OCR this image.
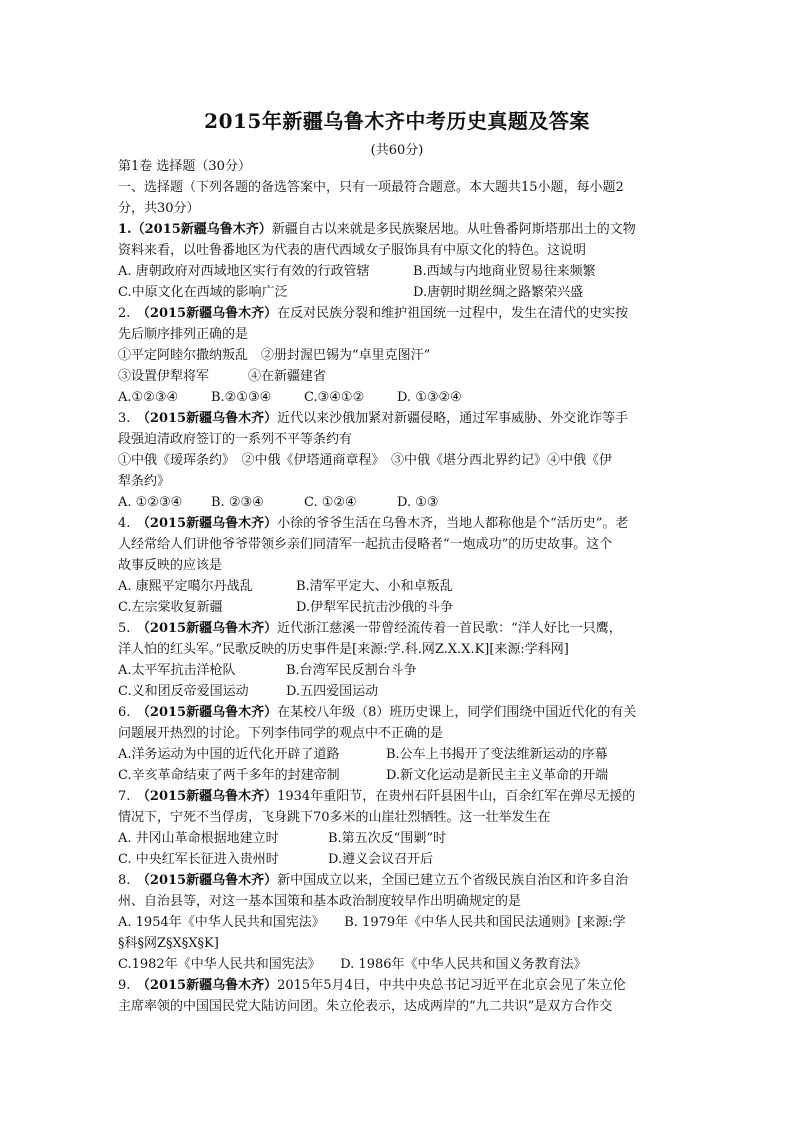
2015年新疆乌鲁木齐中考历史真题及答案
(共60分)
第1卷 选择题（30分）
一、选择题（下列各题的备选答案中，只有一项最符合题意。本大题共15小题，每小题2
分，共30分）
1.（2015新疆乌鲁木齐）新疆自古以来就是多民族聚居地。从吐鲁番阿斯塔那出土的文物
资料来看，以吐鲁番地区为代表的唐代西域女子服饰具有中原文化的特色。这说明
A. 唐朝政府对西域地区实行有效的行政管辖	B.西域与内地商业贸易往来频繁
C.中原文化在西域的影响广泛	D.唐朝时期丝绸之路繁荣兴盛
2.　 （2015新疆乌鲁木齐）在反对民族分裂和维护祖国统一过程中，发生在清代的史实按
先后顺序排列正确的是
①平定阿睦尔撒纳叛乱　②册封渥巴锡为“卓里克图汗”
③设置伊犁将军　　　④在新疆建省
A.①②③④	B.②①③④	C.③④①②	D. ①③②④
3.　 （2015新疆乌鲁木齐）近代以来沙俄加紧对新疆侵略，通过军事威胁、外交讹诈等手
段强迫清政府签订的一系列不平等条约有
①中俄《瑷珲条约》　②中俄《伊塔通商章程》　③中俄《堪分西北界约记》④中俄《伊
犁条约》
A. ①②③④	B. ②③④	C. ①②④	D. ①③
4.　 （2015新疆乌鲁木齐）小徐的爷爷生活在乌鲁木齐，当地人都称他是个“活历史”。老
人经常给人们讲他爷爷带领乡亲们同清军一起抗击侵略者“一炮成功”的历史故事。这个
故事反映的应该是
A. 康熙平定噶尔丹战乱	B.清军平定大、小和卓叛乱
C.左宗棠收复新疆	D.伊犁军民抗击沙俄的斗争
5.　 （2015新疆乌鲁木齐）近代浙江慈溪一带曾经流传着一首民歌：“洋人好比一只鹰，
洋人怕的红头军。”民歌反映的历史事件是[来源:学.科.网Z.X.X.K][来源:学科网]
A.太平军抗击洋枪队	B.台湾军民反割台斗争
C.义和团反帝爱国运动	D.五四爱国运动
6.　 （2015新疆乌鲁木齐）在某校八年级（8）班历史课上，同学们围绕中国近代化的有关
问题展开热烈的讨论。下列李伟同学的观点中不正确的是
A.洋务运动为中国的近代化开辟了道路	B.公车上书揭开了变法维新运动的序幕
C.辛亥革命结束了两千多年的封建帝制	D.新文化运动是新民主主义革命的开端
7.　 （2015新疆乌鲁木齐）1934年重阳节，在贵州石阡县困牛山，百余红军在弹尽无援的
情况下，宁死不当俘虏，飞身跳下70多米的山崖壮烈牺牲。这一壮举发生在
A. 井冈山革命根据地建立时	B.第五次反“围剿”时
C. 中央红军长征进入贵州时	D.遵义会议召开后
8.　 （2015新疆乌鲁木齐）新中国成立以来，全国已建立五个省级民族自治区和许多自治
州、自治县等，对这一基本国策和基本政治制度较早作出明确规定的是
A. 1954年《中华人民共和国宪法》　　B. 1979年《中华人民共和国民法通则》[来源:学
§科§网Z§X§X§K]
C.1982年《中华人民共和国宪法》　　D. 1986年《中华人民共和国义务教育法》
9.　 （2015新疆乌鲁木齐）2015年5月4日，中共中央总书记习近平在北京会见了朱立伦
主席率领的中国国民党大陆访问团。朱立伦表示，达成两岸的“九二共识”是双方合作交
